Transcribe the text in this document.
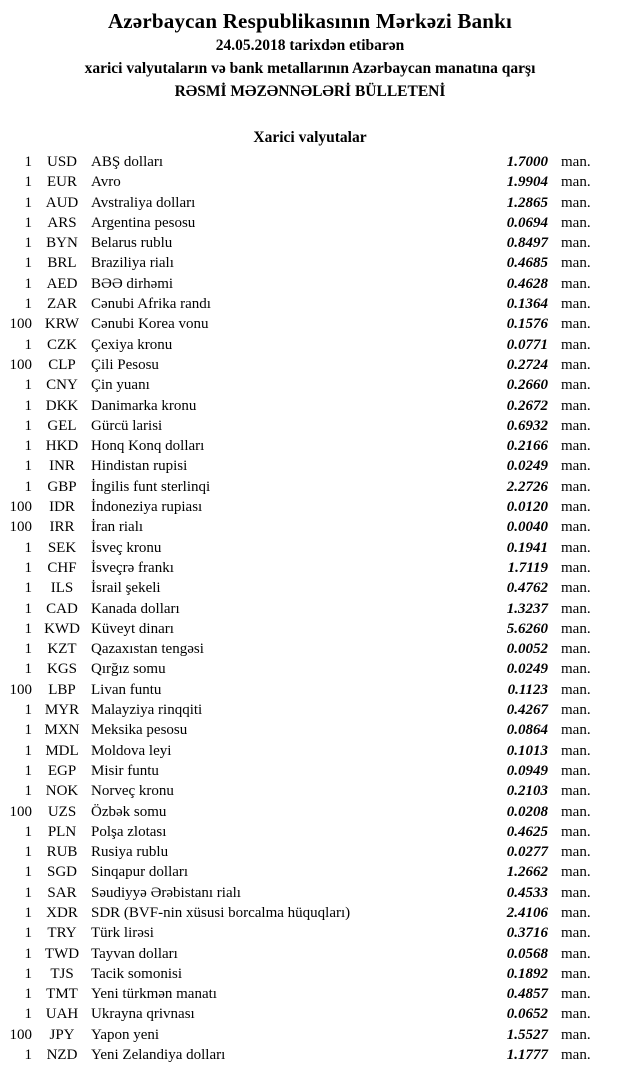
Azərbaycan Respublikasının Mərkəzi Bankı
24.05.2018 tarixdən etibarən
xarici valyutaların və bank metallarının Azərbaycan manatına qarşı
RƏSMİ MƏZƏNNƏLƏRİ BÜLLETENİ
Xarici valyutalar
1 USD ABŞ dolları	1.7000 man.
1	EUR Avro	1.9904 man.
1 AUD Avstraliya dolları	1.2865 man.
1	ARS Argentina pesosu	0.0694 man.
1 BYN Belarus rublu	0.8497 man.
1	BRL Braziliya rialı	0.4685 man.
1 AED BƏƏ dirhəmi	0.4628 man.
1	ZAR Cənubi Afrika randı	0.1364 man.
100 KRW Cənubi Korea vonu	0.1576 man.
1	CZK Çexiya kronu	0.0771 man.
100	CLP	Çili Pesosu	0.2724 man.
1 CNY Çin yuanı	0.2660 man.
1 DKK Danimarka kronu	0.2672 man.
1	GEL Gürcü larisi	0.6932 man.
1 HKD Honq Konq dolları	0.2166 man.
1	INR	Hindistan rupisi	0.0249 man.
1	GBP İngilis funt sterlinqi	2.2726 man.
100	IDR	İndoneziya rupiası	0.0120 man.
100	IRR	İran rialı	0.0040 man.
1	SEK İsveç kronu	0.1941 man.
1	CHF İsveçrə frankı	1.7119 man.
1	ILS	İsrail şekeli	0.4762 man.
1 CAD Kanada dolları	1.3237 man.
1 KWD Küveyt dinarı	5.6260 man.
1	KZT Qazaxıstan tengəsi	0.0052 man.
1 KGS Qırğız somu	0.0249 man.
100	LBP	Livan funtu	0.1123 man.
1 MYR Malayziya rinqqiti	0.4267 man.
1 MXN Meksika pesosu	0.0864 man.
1 MDL Moldova leyi	0.1013 man.
1	EGP Misir funtu	0.0949 man.
1 NOK Norveç kronu	0.2103 man.
100	UZS Özbək somu	0.0208 man.
1	PLN Polşa zlotası	0.4625 man.
1 RUB Rusiya rublu	0.0277 man.
1 SGD Sinqapur dolları	1.2662 man.
1	SAR Səudiyyə Ərəbistanı rialı	0.4533 man.
1 XDR SDR (BVF-nin xüsusi borcalma hüquqları)	2.4106 man.
1	TRY Türk lirəsi	0.3716 man.
1 TWD Tayvan dolları	0.0568 man.
1	TJS	Tacik somonisi	0.1892 man.
1 TMT Yeni türkmən manatı	0.4857 man.
1 UAH Ukrayna qrivnası	0.0652 man.
100	JPY	Yapon yeni	1.5527 man.
1 NZD Yeni Zelandiya dolları	1.1777 man.
